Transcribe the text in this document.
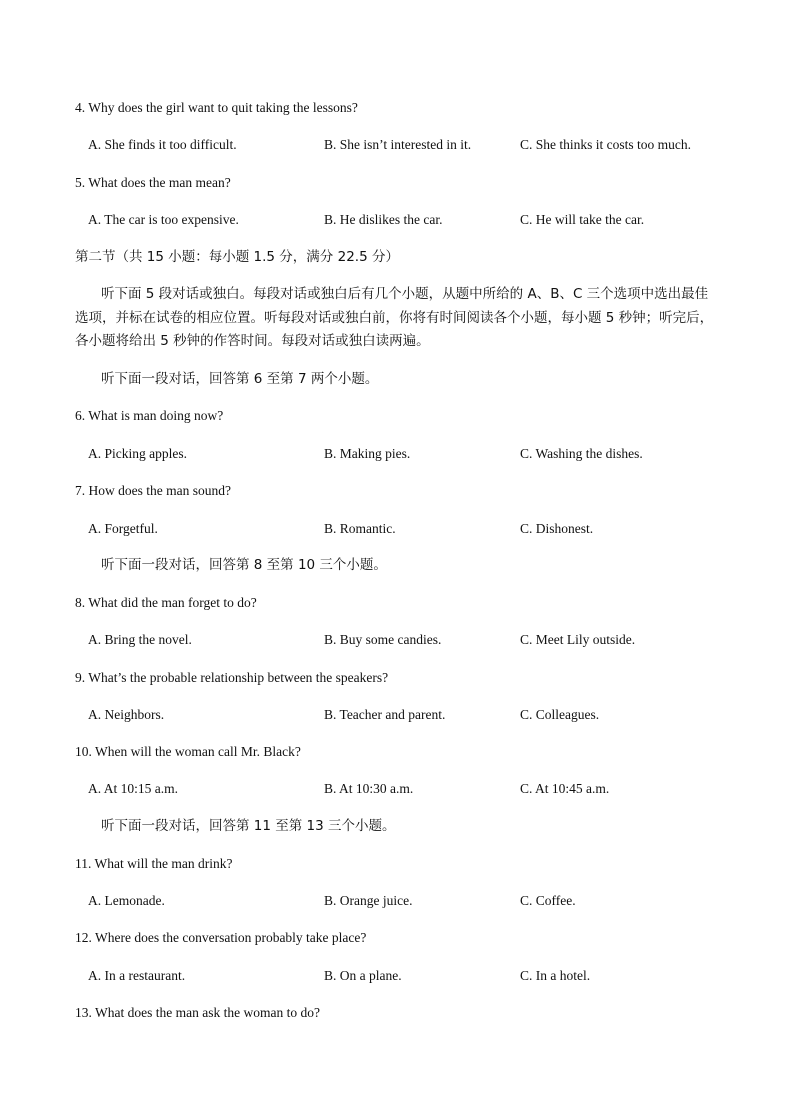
4. Why does the girl want to quit taking the lessons?
A. She finds it too difficult.	B. She isn’t interested in it.	C. She thinks it costs too much.
5. What does the man mean?
A. The car is too expensive.	B. He dislikes the car.	C. He will take the car.
第二节（共 15 小题：每小题 1.5 分，满分 22.5 分）
听下面 5 段对话或独白。每段对话或独白后有几个小题，从题中所给的 A、B、C 三个选项中选出最佳选项，并标在试卷的相应位置。听每段对话或独白前，你将有时间阅读各个小题，每小题 5 秒钟；听完后，各小题将给出 5 秒钟的作答时间。每段对话或独白读两遍。
听下面一段对话，回答第 6 至第 7 两个小题。
6. What is man doing now?
A. Picking apples.	B. Making pies.	C. Washing the dishes.
7. How does the man sound?
A. Forgetful.	B. Romantic.	C. Dishonest.
听下面一段对话，回答第 8 至第 10 三个小题。
8. What did the man forget to do?
A. Bring the novel.	B. Buy some candies.	C. Meet Lily outside.
9. What’s the probable relationship between the speakers?
A. Neighbors.	B. Teacher and parent.	C. Colleagues.
10. When will the woman call Mr. Black?
A. At 10:15 a.m.	B. At 10:30 a.m.	C. At 10:45 a.m.
听下面一段对话，回答第 11 至第 13 三个小题。
11. What will the man drink?
A. Lemonade.	B. Orange juice.	C. Coffee.
12. Where does the conversation probably take place?
A. In a restaurant.	B. On a plane.	C. In a hotel.
13. What does the man ask the woman to do?
